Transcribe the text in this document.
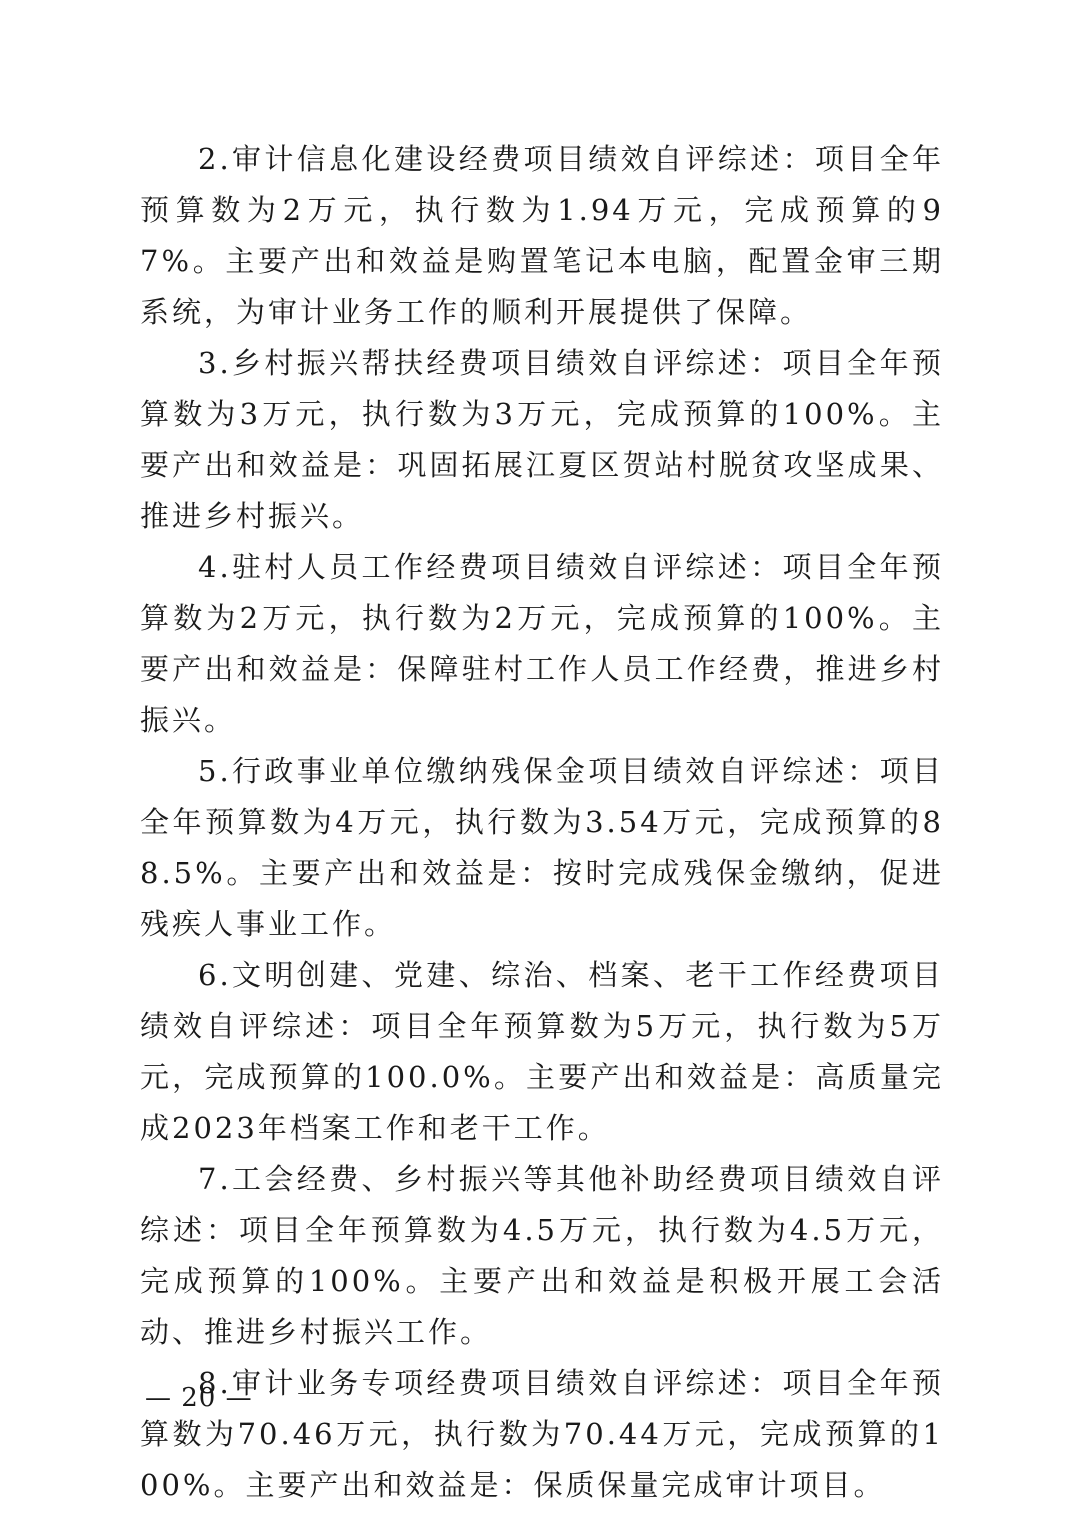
2.审计信息化建设经费项目绩效自评综述：项目全年预算数为2万元，执行数为1.94万元，完成预算的97%。主要产出和效益是购置笔记本电脑，配置金审三期系统，为审计业务工作的顺利开展提供了保障。

3.乡村振兴帮扶经费项目绩效自评综述：项目全年预算数为3万元，执行数为3万元，完成预算的100%。主要产出和效益是：巩固拓展江夏区贺站村脱贫攻坚成果、推进乡村振兴。

4.驻村人员工作经费项目绩效自评综述：项目全年预算数为2万元，执行数为2万元，完成预算的100%。主要产出和效益是：保障驻村工作人员工作经费，推进乡村振兴。

5.行政事业单位缴纳残保金项目绩效自评综述：项目全年预算数为4万元，执行数为3.54万元，完成预算的88.5%。主要产出和效益是：按时完成残保金缴纳，促进残疾人事业工作。

6.文明创建、党建、综治、档案、老干工作经费项目绩效自评综述：项目全年预算数为5万元，执行数为5万元，完成预算的100.0%。主要产出和效益是：高质量完成2023年档案工作和老干工作。

7.工会经费、乡村振兴等其他补助经费项目绩效自评综述：项目全年预算数为4.5万元，执行数为4.5万元，完成预算的100%。主要产出和效益是积极开展工会活动、推进乡村振兴工作。

8.审计业务专项经费项目绩效自评综述：项目全年预算数为70.46万元，执行数为70.44万元，完成预算的100%。主要产出和效益是：保质保量完成审计项目。

— 20 —
